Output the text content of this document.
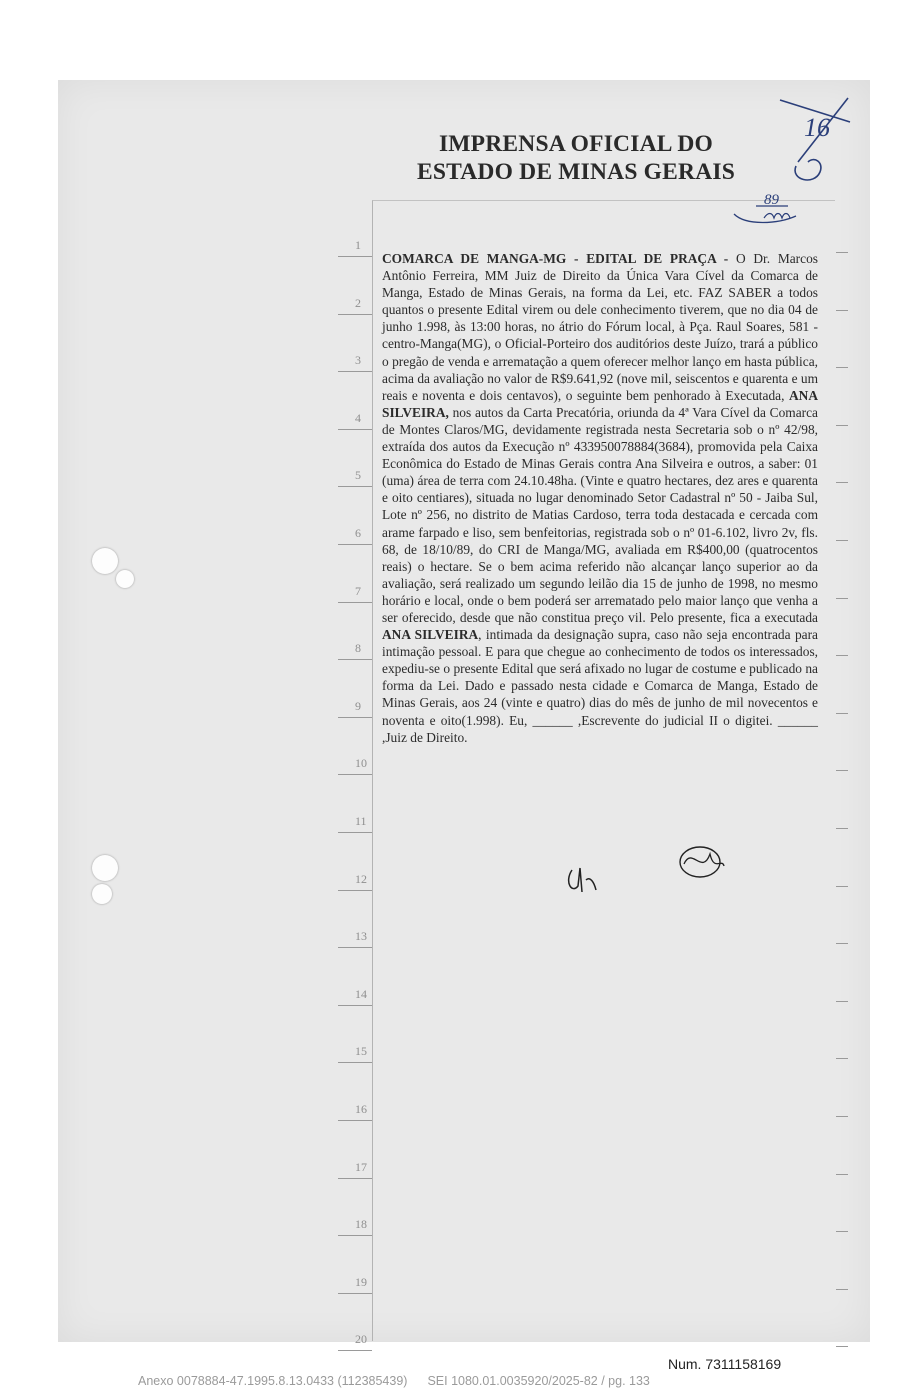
IMPRENSA OFICIAL DO
ESTADO DE MINAS GERAIS
COMARCA DE MANGA-MG - EDITAL DE PRAÇA - O Dr. Marcos Antônio Ferreira, MM Juiz de Direito da Única Vara Cível da Comarca de Manga, Estado de Minas Gerais, na forma da Lei, etc. FAZ SABER a todos quantos o presente Edital virem ou dele conhecimento tiverem, que no dia 04 de junho 1.998, às 13:00 horas, no átrio do Fórum local, à Pça. Raul Soares, 581 - centro-Manga(MG), o Oficial-Porteiro dos auditórios deste Juízo, trará a público o pregão de venda e arrematação a quem oferecer melhor lanço em hasta pública, acima da avaliação no valor de R$9.641,92 (nove mil, seiscentos e quarenta e um reais e noventa e dois centavos), o seguinte bem penhorado à Executada, ANA SILVEIRA, nos autos da Carta Precatória, oriunda da 4ª Vara Cível da Comarca de Montes Claros/MG, devidamente registrada nesta Secretaria sob o nº 42/98, extraída dos autos da Execução nº 433950078884(3684), promovida pela Caixa Econômica do Estado de Minas Gerais contra Ana Silveira e outros, a saber: 01 (uma) área de terra com 24.10.48ha. (Vinte e quatro hectares, dez ares e quarenta e oito centiares), situada no lugar denominado Setor Cadastral nº 50 - Jaiba Sul, Lote nº 256, no distrito de Matias Cardoso, terra toda destacada e cercada com arame farpado e liso, sem benfeitorias, registrada sob o nº 01-6.102, livro 2v, fls. 68, de 18/10/89, do CRI de Manga/MG, avaliada em R$400,00 (quatrocentos reais) o hectare. Se o bem acima referido não alcançar lanço superior ao da avaliação, será realizado um segundo leilão dia 15 de junho de 1998, no mesmo horário e local, onde o bem poderá ser arrematado pelo maior lanço que venha a ser oferecido, desde que não constitua preço vil. Pelo presente, fica a executada ANA SILVEIRA, intimada da designação supra, caso não seja encontrada para intimação pessoal. E para que chegue ao conhecimento de todos os interessados, expediu-se o presente Edital que será afixado no lugar de costume e publicado na forma da Lei. Dado e passado nesta cidade e Comarca de Manga, Estado de Minas Gerais, aos 24 (vinte e quatro) dias do mês de junho de mil novecentos e noventa e oito(1.998). Eu, ______ ,Escrevente do judicial II o digitei. ______ ,Juiz de Direito.
16
89
Num. 7311158169
Anexo 0078884-47.1995.8.13.0433 (112385439) SEI 1080.01.0035920/2025-82 / pg. 133
1
2
3
4
5
6
7
8
9
10
11
12
13
14
15
16
17
18
19
20
